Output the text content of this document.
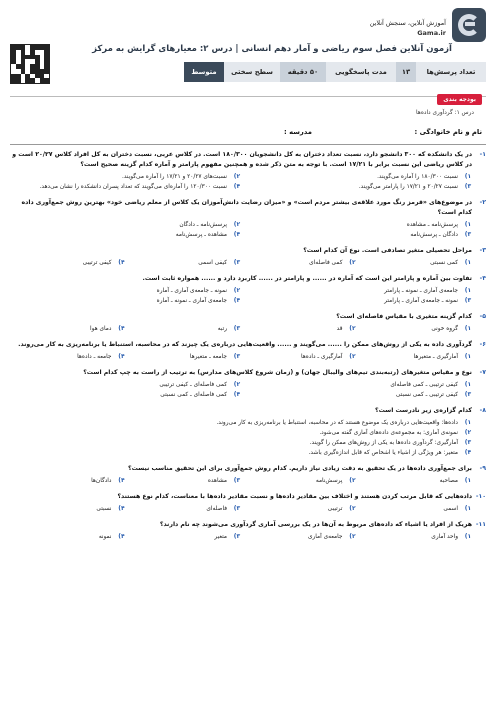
آموزش آنلاین، سنجش آنلاین
Gama.ir
آزمون آنلاین فصل سوم ریاضی و آمار دهم انسانی | درس ۲: معیارهای گرایش به مرکز
تعداد پرسش‌ها
۱۳
مدت پاسخگویی
۵۰ دقیقه
سطح سختی
متوسط
بودجه بندی
درس ۱: گردآوری داده‌ها
نام و نام خانوادگی :
مدرسه :
۱-
در یک دانشکده که ۳۰۰ دانشجو دارد، نسبت تعداد دختران به کل دانشجویان ۱۸۰/۳۰۰ است. در کلاس عربی، نسبت دختران به کل افراد کلاس ۲۰/۲۷ است و در کلاس ریاضی این نسبت برابر با ۱۷/۲۱ است. با توجه به متن ذکر شده و همچنین مفهوم پارامتر و آماره کدام گزینه صحیح است؟
۱)
نسبت ۱۸۰/۳۰۰ را آماره می‌گویند.
۲)
نسبت‌های ۲۰/۲۷ و ۱۷/۲۱ را آماره می‌گویند.
۳)
نسبت ۲۰/۲۷ و ۱۷/۲۱ را پارامتر می‌گویند.
۴)
نسبت ۱۲۰/۳۰۰ را آماره‌ای می‌گویند که تعداد پسران دانشکده را نشان می‌دهد.
۲-
در موضوع‌های «قرمز رنگ مورد علاقه‌ی بیشتر مردم است» و «میزان رضایت دانش‌آموزان یک کلاس از معلم ریاضی خود» بهترین روش جمع‌آوری داده کدام است؟
۱)
پرسش‌نامه ـ مشاهده
۲)
پرسش‌نامه ـ دادگان
۳)
دادگان ـ پرسش‌نامه
۴)
مشاهده ـ پرسش‌نامه
۳-
مراحل تحصیلی متغیر تصادفی است. نوع آن کدام است؟
۱)
کمی نسبتی
۲)
کمی فاصله‌ای
۳)
کیفی اسمی
۴)
کیفی ترتیبی
۴-
تفاوت بین آماره و پارامتر این است که آماره در ...... و پارامتر در ...... کاربرد دارد و ...... همواره ثابت است.
۱)
جامعه‌ی آماری ـ نمونه ـ پارامتر
۲)
نمونه ـ جامعه‌ی آماری ـ آماره
۳)
نمونه ـ جامعه‌ی آماری ـ پارامتر
۴)
جامعه‌ی آماری ـ نمونه ـ آماره
۵-
کدام گزینه متغیری با مقیاس فاصله‌ای است؟
۱)
گروه خونی
۲)
قد
۳)
رتبه
۴)
دمای هوا
۶-
گردآوری داده به یکی از روش‌های ممکن را ...... می‌گویند و ...... واقعیت‌هایی درباره‌ی یک چیزند که در محاسبه، استنباط یا برنامه‌ریزی به کار می‌روند.
۱)
آمارگیری ـ متغیرها
۲)
آمارگیری ـ داده‌ها
۳)
جامعه ـ متغیرها
۴)
جامعه ـ داده‌ها
۷-
نوع و مقیاس متغیرهای (رتبه‌بندی تیم‌های والیبال جهان) و (زمان شروع کلاس‌های مدارس) به ترتیب از راست به چپ کدام است؟
۱)
کیفی ترتیبی ـ کمی فاصله‌ای
۲)
کمی فاصله‌ای ـ کیفی ترتیبی
۳)
کیفی ترتیبی ـ کمی نسبتی
۴)
کمی فاصله‌ای ـ کمی نسبتی
۸-
کدام گزاره‌ی زیر نادرست است؟
۱)
داده‌ها: واقعیت‌هایی درباره‌ی یک موضوع هستند که در محاسبه، استنباط یا برنامه‌ریزی به کار می‌روند.
۲)
نمونه‌ی آماری: به مجموعه‌ی داده‌های آماری گفته می‌شود.
۳)
آمارگیری: گردآوری داده‌ها به یکی از روش‌های ممکن را گویند.
۴)
متغیر: هر ویژگی از اشیاء یا اشخاص که قابل اندازه‌گیری باشد.
۹-
برای جمع‌آوری داده‌ها در یک تحقیق به دقت زیادی نیاز داریم. کدام روش جمع‌آوری برای این تحقیق مناسب نیست؟
۱)
مصاحبه
۲)
پرسش‌نامه
۳)
مشاهده
۴)
دادگان‌ها
۱۰-
داده‌هایی که قابل مرتب کردن هستند و اختلاف بین مقادیر داده‌ها و نسبت مقادیر داده‌ها با معناست، کدام نوع هستند؟
۱)
اسمی
۲)
ترتیبی
۳)
فاصله‌ای
۴)
نسبتی
۱۱-
هریک از افراد یا اشیاء که داده‌های مربوط به آن‌ها در یک بررسی آماری گردآوری می‌شوند چه نام دارند؟
۱)
واحد آماری
۲)
جامعه‌ی آماری
۳)
متغیر
۴)
نمونه
